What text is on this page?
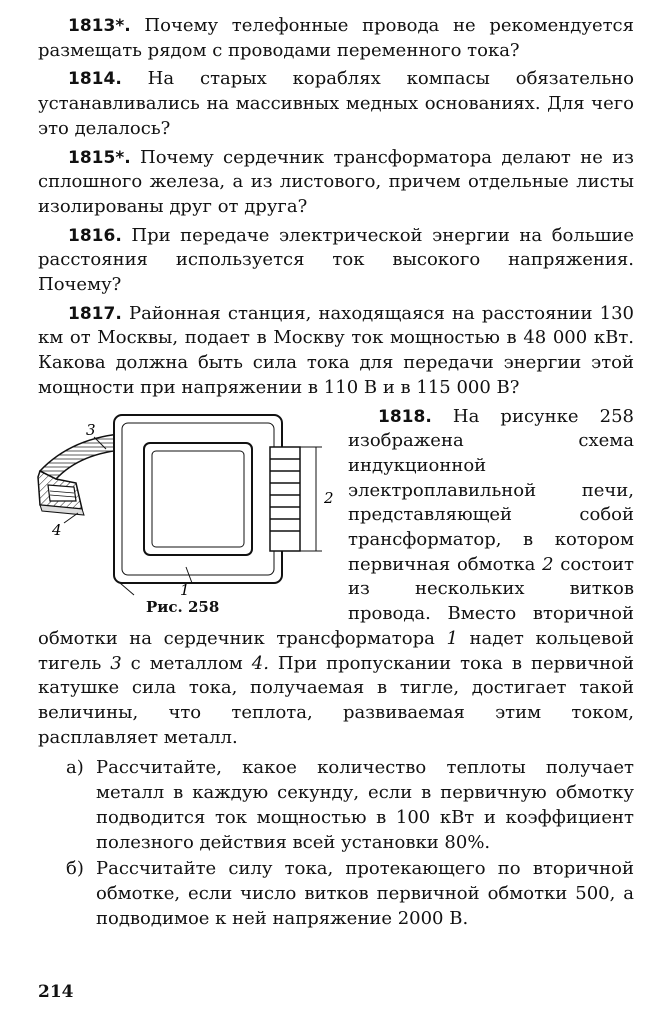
1813*. Почему телефонные провода не рекомендуется размещать рядом с проводами переменного тока?

1814. На старых кораблях компасы обязательно устанавливались на массивных медных основаниях. Для чего это делалось?

1815*. Почему сердечник трансформатора делают не из сплошного железа, а из листового, причем отдельные листы изолированы друг от друга?

1816. При передаче электрической энергии на большие расстояния используется ток высокого напряжения. Почему?

1817. Районная станция, находящаяся на расстоянии 130 км от Москвы, подает в Москву ток мощностью в 48 000 кВт. Какова должна быть сила тока для передачи энергии этой мощности при напряжении в 110 В и в 115 000 В?

3
4
2
1
Рис. 258
1818. На рисунке 258 изображена схема индукционной электроплавильной печи, представляющей собой трансформатор, в котором первичная обмотка 2 состоит из нескольких витков провода. Вместо вторичной обмотки на сердечник трансформатора 1 надет кольцевой тигель 3 с металлом 4. При пропускании тока в первичной катушке сила тока, получаемая в тигле, достигает такой величины, что теплота, развиваемая этим током, расплавляет металл.
а) Рассчитайте, какое количество теплоты получает металл в каждую секунду, если в первичную обмотку подводится ток мощностью в 100 кВт и коэффициент полезного действия всей установки 80%.
б) Рассчитайте силу тока, протекающего по вторичной обмотке, если число витков первичной обмотки 500, а подводимое к ней напряжение 2000 В.
214
